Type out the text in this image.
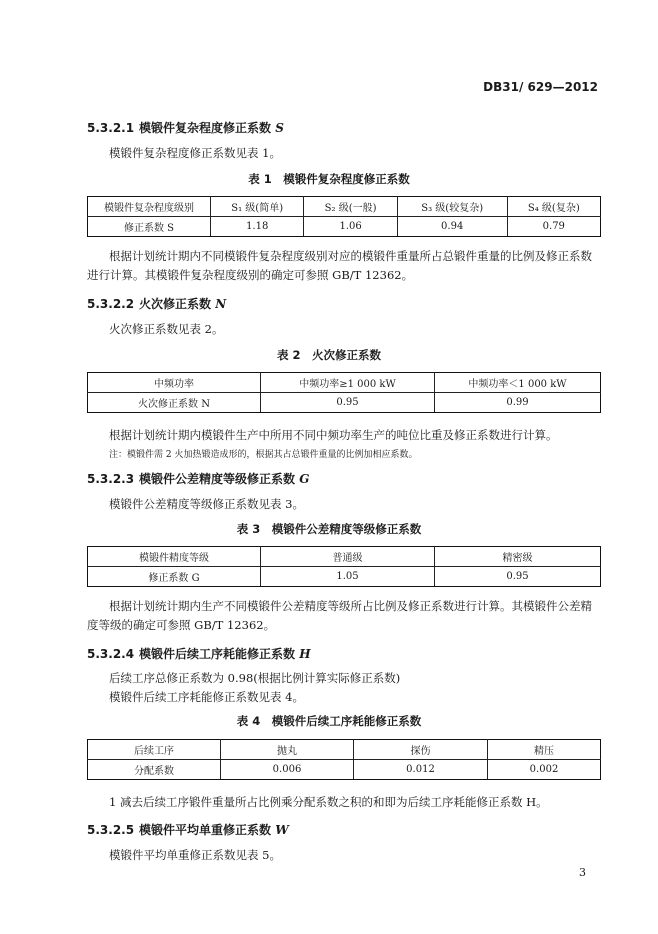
DB31/ 629—2012
5.3.2.1 模锻件复杂程度修正系数 S
模锻件复杂程度修正系数见表 1。
表 1　模锻件复杂程度修正系数
模锻件复杂程度级别	S₁ 级(简单)	S₂ 级(一般)	S₃ 级(较复杂)	S₄ 级(复杂)
修正系数 S	1.18	1.06	0.94	0.79
根据计划统计期内不同模锻件复杂程度级别对应的模锻件重量所占总锻件重量的比例及修正系数进行计算。其模锻件复杂程度级别的确定可参照 GB/T 12362。
5.3.2.2 火次修正系数 N
火次修正系数见表 2。
表 2　火次修正系数
中频功率	中频功率≥1 000 kW	中频功率＜1 000 kW
火次修正系数 N	0.95	0.99
根据计划统计期内模锻件生产中所用不同中频功率生产的吨位比重及修正系数进行计算。
注：模锻件需 2 火加热锻造成形的，根据其占总锻件重量的比例加相应系数。
5.3.2.3 模锻件公差精度等级修正系数 G
模锻件公差精度等级修正系数见表 3。
表 3　模锻件公差精度等级修正系数
模锻件精度等级	普通级	精密级
修正系数 G	1.05	0.95
根据计划统计期内生产不同模锻件公差精度等级所占比例及修正系数进行计算。其模锻件公差精度等级的确定可参照 GB/T 12362。
5.3.2.4 模锻件后续工序耗能修正系数 H
后续工序总修正系数为 0.98(根据比例计算实际修正系数)
模锻件后续工序耗能修正系数见表 4。
表 4　模锻件后续工序耗能修正系数
后续工序	抛丸	探伤	精压
分配系数	0.006	0.012	0.002
1 减去后续工序锻件重量所占比例乘分配系数之积的和即为后续工序耗能修正系数 H。
5.3.2.5 模锻件平均单重修正系数 W
模锻件平均单重修正系数见表 5。
3
